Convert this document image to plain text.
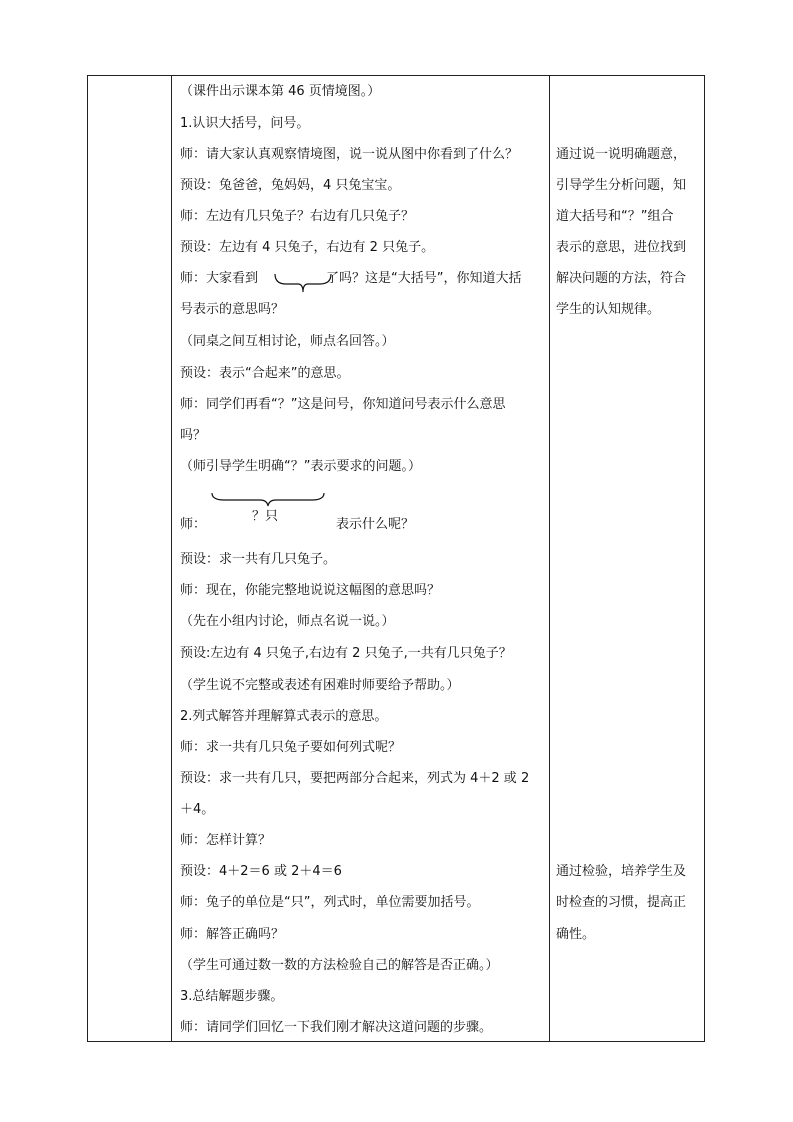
（课件出示课本第 46 页情境图。）
1.认识大括号，问号。
师：请大家认真观察情境图，说一说从图中你看到了什么？
预设：兔爸爸，兔妈妈，4 只兔宝宝。
师：左边有几只兔子？右边有几只兔子？
预设：左边有 4 只兔子，右边有 2 只兔子。
师：大家看到	了吗？这是“大括号”，你知道大括
号表示的意思吗？
（同桌之间互相讨论，师点名回答。）
预设：表示“合起来”的意思。
师：同学们再看“？”这是问号，你知道问号表示什么意思
吗？
（师引导学生明确“？”表示要求的问题。）
？只
师：	表示什么呢？
预设：求一共有几只兔子。
师：现在，你能完整地说说这幅图的意思吗？
（先在小组内讨论，师点名说一说。）
预设:左边有 4 只兔子,右边有 2 只兔子,一共有几只兔子？
（学生说不完整或表述有困难时师要给予帮助。）
2.列式解答并理解算式表示的意思。
师：求一共有几只兔子要如何列式呢？
预设：求一共有几只，要把两部分合起来，列式为 4＋2 或 2
＋4。
师：怎样计算？
预设：4＋2＝6 或 2＋4＝6
师：兔子的单位是“只”，列式时，单位需要加括号。
师：解答正确吗？
（学生可通过数一数的方法检验自己的解答是否正确。）
3.总结解题步骤。
师：请同学们回忆一下我们刚才解决这道问题的步骤。
通过说一说明确题意，
引导学生分析问题，知
道大括号和“？”组合
表示的意思，进位找到
解决问题的方法，符合
学生的认知规律。
通过检验，培养学生及
时检查的习惯，提高正
确性。
